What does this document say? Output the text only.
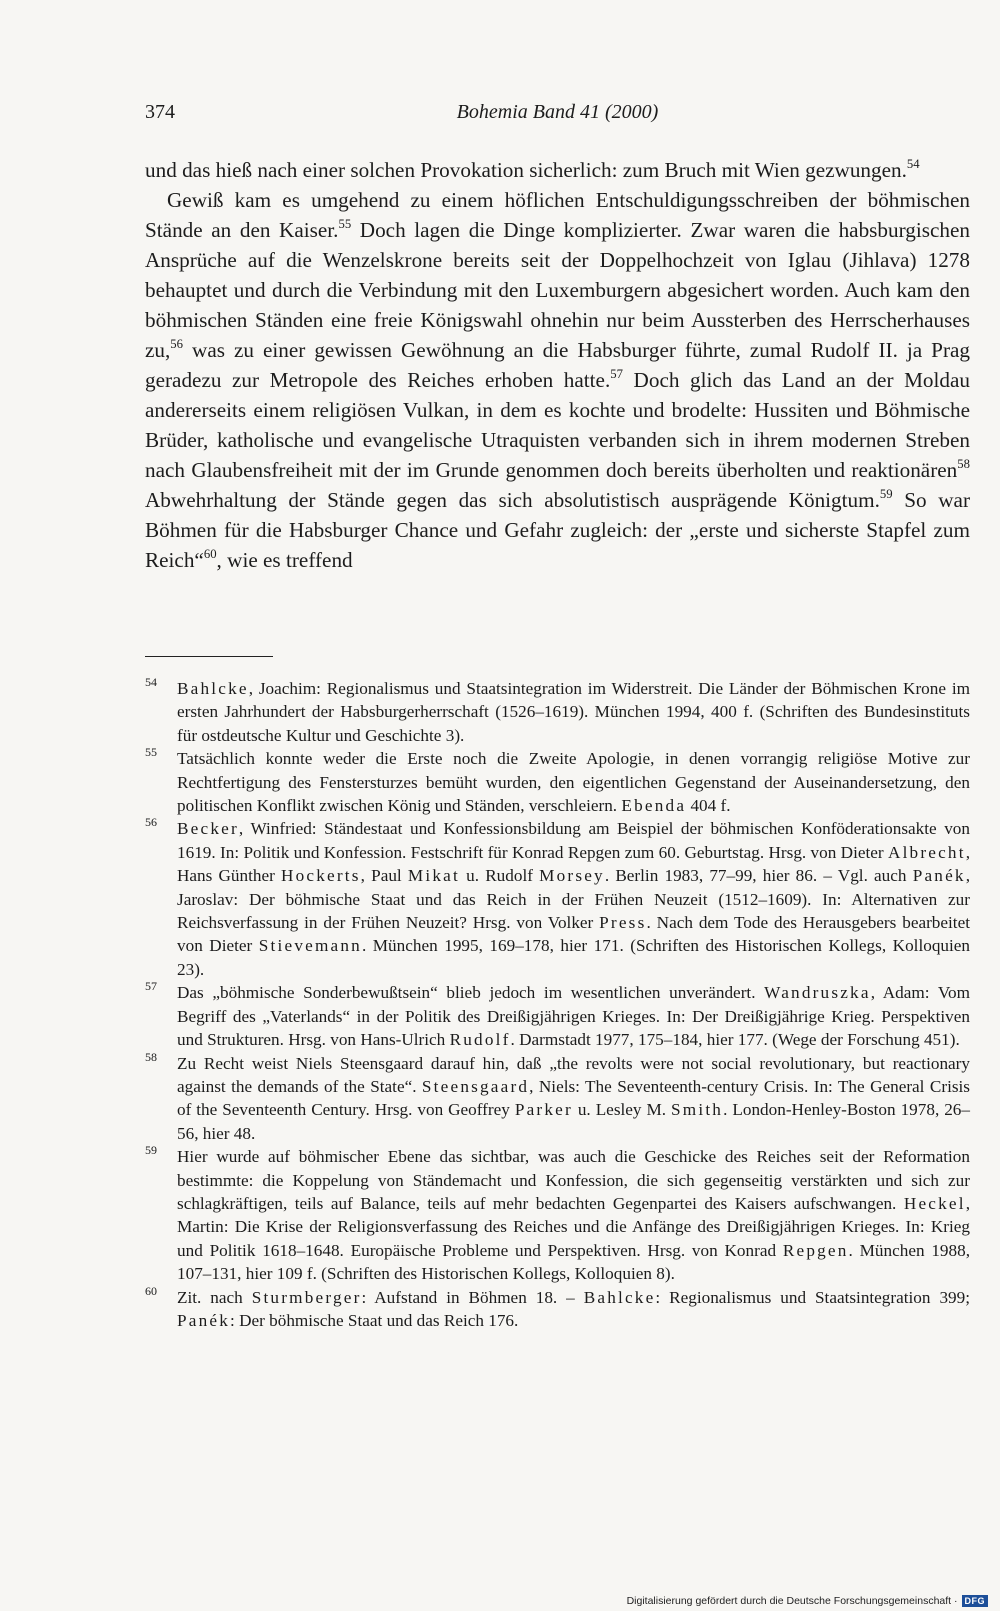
374	Bohemia Band 41 (2000)

und das hieß nach einer solchen Provokation sicherlich: zum Bruch mit Wien gezwungen.$^{54}$

Gewiß kam es umgehend zu einem höflichen Entschuldigungsschreiben der böhmischen Stände an den Kaiser.$^{55}$ Doch lagen die Dinge komplizierter. Zwar waren die habsburgischen Ansprüche auf die Wenzelskrone bereits seit der Doppelhochzeit von Iglau (Jihlava) 1278 behauptet und durch die Verbindung mit den Luxemburgern abgesichert worden. Auch kam den böhmischen Ständen eine freie Königswahl ohnehin nur beim Aussterben des Herrscherhauses zu,$^{56}$ was zu einer gewissen Gewöhnung an die Habsburger führte, zumal Rudolf II. ja Prag geradezu zur Metropole des Reiches erhoben hatte.$^{57}$ Doch glich das Land an der Moldau andererseits einem religiösen Vulkan, in dem es kochte und brodelte: Hussiten und Böhmische Brüder, katholische und evangelische Utraquisten verbanden sich in ihrem modernen Streben nach Glaubensfreiheit mit der im Grunde genommen doch bereits überholten und reaktionären$^{58}$ Abwehrhaltung der Stände gegen das sich absolutistisch ausprägende Königtum.$^{59}$ So war Böhmen für die Habsburger Chance und Gefahr zugleich: der „erste und sicherste Stapfel zum Reich“$^{60}$, wie es treffend

54 Bahlcke, Joachim: Regionalismus und Staatsintegration im Widerstreit. Die Länder der Böhmischen Krone im ersten Jahrhundert der Habsburgerherrschaft (1526–1619). München 1994, 400 f. (Schriften des Bundesinstituts für ostdeutsche Kultur und Geschichte 3).
55 Tatsächlich konnte weder die Erste noch die Zweite Apologie, in denen vorrangig religiöse Motive zur Rechtfertigung des Fenstersturzes bemüht wurden, den eigentlichen Gegenstand der Auseinandersetzung, den politischen Konflikt zwischen König und Ständen, verschleiern. Ebenda 404 f.
56 Becker, Winfried: Ständestaat und Konfessionsbildung am Beispiel der böhmischen Konföderationsakte von 1619. In: Politik und Konfession. Festschrift für Konrad Repgen zum 60. Geburtstag. Hrsg. von Dieter Albrecht, Hans Günther Hockerts, Paul Mikat u. Rudolf Morsey. Berlin 1983, 77–99, hier 86. – Vgl. auch Panék, Jaroslav: Der böhmische Staat und das Reich in der Frühen Neuzeit (1512–1609). In: Alternativen zur Reichsverfassung in der Frühen Neuzeit? Hrsg. von Volker Press. Nach dem Tode des Herausgebers bearbeitet von Dieter Stievemann. München 1995, 169–178, hier 171. (Schriften des Historischen Kollegs, Kolloquien 23).
57 Das „böhmische Sonderbewußtsein“ blieb jedoch im wesentlichen unverändert. Wandruszka, Adam: Vom Begriff des „Vaterlands“ in der Politik des Dreißigjährigen Krieges. In: Der Dreißigjährige Krieg. Perspektiven und Strukturen. Hrsg. von Hans-Ulrich Rudolf. Darmstadt 1977, 175–184, hier 177. (Wege der Forschung 451).
58 Zu Recht weist Niels Steensgaard darauf hin, daß „the revolts were not social revolutionary, but reactionary against the demands of the State“. Steensgaard, Niels: The Seventeenth-century Crisis. In: The General Crisis of the Seventeenth Century. Hrsg. von Geoffrey Parker u. Lesley M. Smith. London-Henley-Boston 1978, 26–56, hier 48.
59 Hier wurde auf böhmischer Ebene das sichtbar, was auch die Geschicke des Reiches seit der Reformation bestimmte: die Koppelung von Ständemacht und Konfession, die sich gegenseitig verstärkten und sich zur schlagkräftigen, teils auf Balance, teils auf mehr bedachten Gegenpartei des Kaisers aufschwangen. Heckel, Martin: Die Krise der Religionsverfassung des Reiches und die Anfänge des Dreißigjährigen Krieges. In: Krieg und Politik 1618–1648. Europäische Probleme und Perspektiven. Hrsg. von Konrad Repgen. München 1988, 107–131, hier 109 f. (Schriften des Historischen Kollegs, Kolloquien 8).
60 Zit. nach Sturmberger: Aufstand in Böhmen 18. – Bahlcke: Regionalismus und Staatsintegration 399; Panék: Der böhmische Staat und das Reich 176.
Digitalisierung gefördert durch die Deutsche Forschungsgemeinschaft · DFG
